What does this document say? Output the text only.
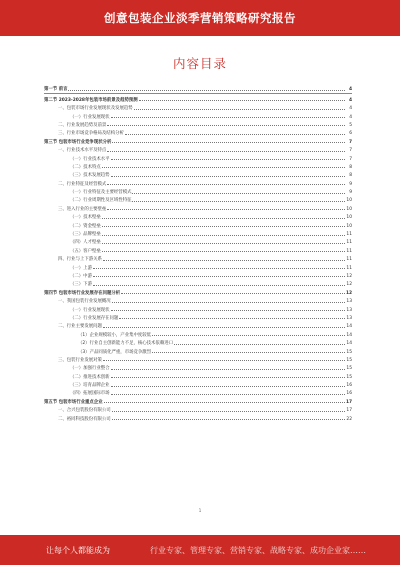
创意包装企业淡季营销策略研究报告
内容目录
第一节 前言	4
第二节 2023-2028年包装市场前景及趋势预测	4
一、包装市场行业发展现状及发展趋势	4
（一）行业发展现状	4
二、行业发展趋势及前景	5
三、行业市场竞争格局及结构分析	6
第三节 包装市场行业竞争现状分析	7
一、行业技术水平及特点	7
（一）行业技术水平	7
（二）技术特点	8
（三）技术发展趋势	8
二、行业特征及经营模式	9
（一）行业特征及主要经营模式	9
（二）行业周期性及区域性特征	10
三、进入行业的主要壁垒	10
（一）技术壁垒	10
（二）资金壁垒	10
（三）品牌壁垒	11
（四）人才壁垒	11
（五）客户壁垒	11
四、行业与上下游关系	11
（一）上游	11
（二）中游	12
（三）下游	12
第四节 包装市场行业发展存在问题分析	12
一、我国包装行业发展概况	13
（一）行业发展现状	13
（二）行业发展存在问题	13
二、行业主要发展问题	14
（1）企业规模较小，产业集中度较低	14
（2）行业自主创新能力不足，核心技术依赖进口	14
（3）产品同质化严重，市场竞争激烈	15
三、包装行业发展对策	15
（一）加强行业整合	15
（二）推进技术创新	15
（三）培育品牌企业	16
（四）拓展国际市场	16
第五节 包装市场行业重点企业	17
一、合兴包装股份有限公司	17
二、裕同科技股份有限公司	22
1
让每个人都能成为	行业专家、管理专家、营销专家、战略专家、成功企业家……
